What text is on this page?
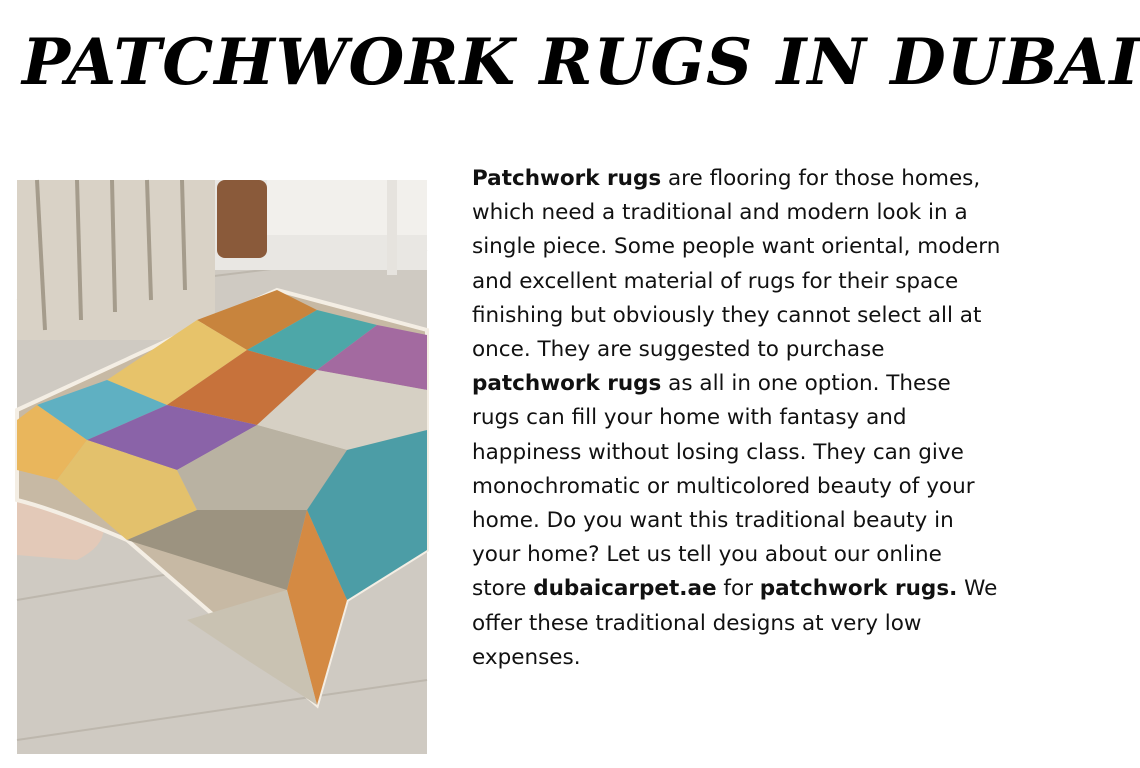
PATCHWORK RUGS IN DUBAI

Patchwork rugs are flooring for those homes, which need a traditional and modern look in a single piece. Some people want oriental, modern and excellent material of rugs for their space finishing but obviously they cannot select all at once. They are suggested to purchase patchwork rugs as all in one option. These rugs can fill your home with fantasy and happiness without losing class. They can give monochromatic or multicolored beauty of your home. Do you want this traditional beauty in your home? Let us tell you about our online store dubaicarpet.ae for patchwork rugs. We offer these traditional designs at very low expenses.
